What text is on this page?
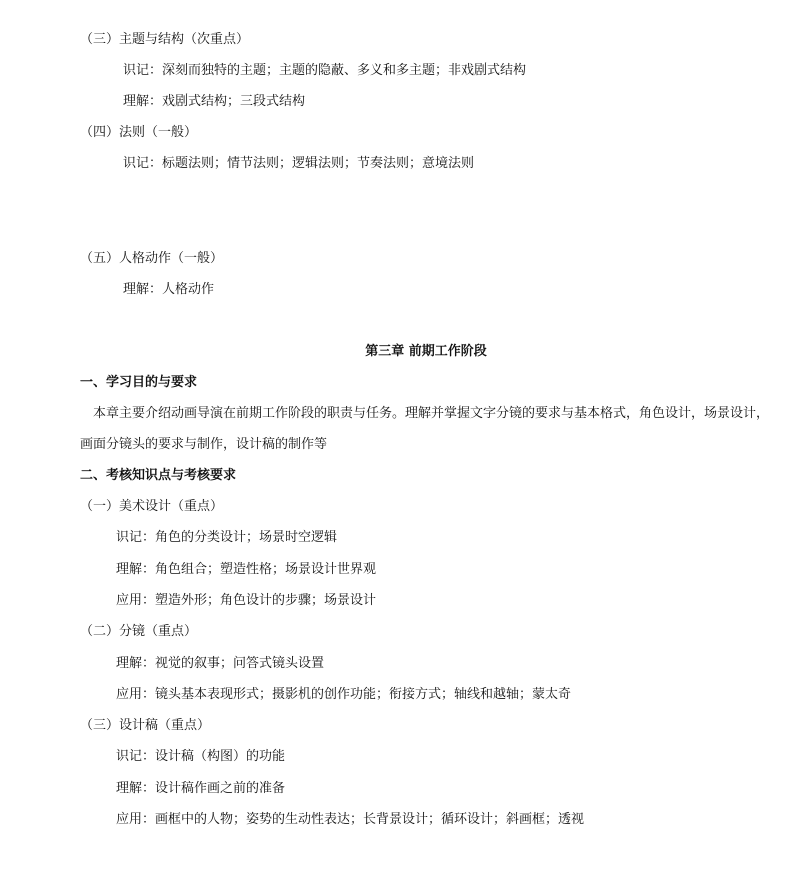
（三）主题与结构（次重点）
识记：深刻而独特的主题；主题的隐蔽、多义和多主题；非戏剧式结构
理解：戏剧式结构；三段式结构
（四）法则（一般）
识记：标题法则；情节法则；逻辑法则；节奏法则；意境法则
（五）人格动作（一般）
理解：人格动作
第三章 前期工作阶段
一、学习目的与要求
本章主要介绍动画导演在前期工作阶段的职责与任务。理解并掌握文字分镜的要求与基本格式，角色设计，场景设计，画面分镜头的要求与制作，设计稿的制作等
二、考核知识点与考核要求
（一）美术设计（重点）
识记：角色的分类设计；场景时空逻辑
理解：角色组合；塑造性格；场景设计世界观
应用：塑造外形；角色设计的步骤；场景设计
（二）分镜（重点）
理解：视觉的叙事；问答式镜头设置
应用：镜头基本表现形式；摄影机的创作功能；衔接方式；轴线和越轴；蒙太奇
（三）设计稿（重点）
识记：设计稿（构图）的功能
理解：设计稿作画之前的准备
应用：画框中的人物；姿势的生动性表达；长背景设计；循环设计；斜画框；透视
